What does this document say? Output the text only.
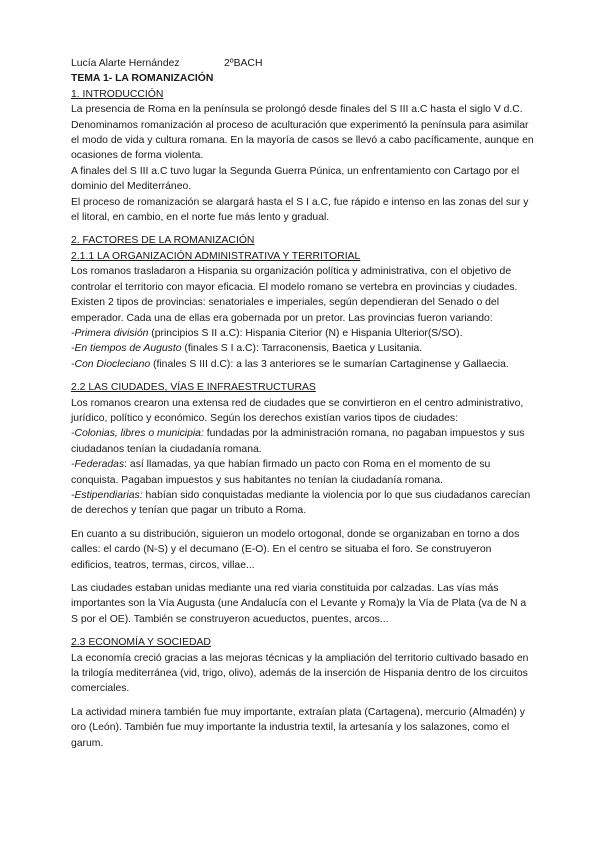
Lucía Alarte Hernández	2ºBACH

TEMA 1- LA ROMANIZACIÓN

1. INTRODUCCIÓN

La presencia de Roma en la península se prolongó desde finales del S III a.C hasta el siglo V d.C. Denominamos romanización al proceso de aculturación que experimentó la península para asimilar el modo de vida y cultura romana. En la mayoría de casos se llevó a cabo pacíficamente, aunque en ocasiones de forma violenta.

A finales del S III a.C tuvo lugar la Segunda Guerra Púnica, un enfrentamiento con Cartago por el dominio del Mediterráneo.

El proceso de romanización se alargará hasta el S I a.C, fue rápido e intenso en las zonas del sur y el litoral, en cambio, en el norte fue más lento y gradual.

2. FACTORES DE LA ROMANIZACIÓN

2.1.1 LA ORGANIZACIÓN ADMINISTRATIVA Y TERRITORIAL

Los romanos trasladaron a Hispania su organización política y administrativa, con el objetivo de controlar el territorio con mayor eficacia. El modelo romano se vertebra en provincias y ciudades. Existen 2 tipos de provincias: senatoriales e imperiales, según dependieran del Senado o del emperador. Cada una de ellas era gobernada por un pretor. Las provincias fueron variando:

-Primera división (principios S II a.C): Hispania Citerior (N) e Hispania Ulterior(S/SO).

-En tiempos de Augusto (finales S I a.C): Tarraconensis, Baetica y Lusitania.

-Con Diocleciano (finales S III d.C): a las 3 anteriores se le sumarían Cartaginense y Gallaecia.

2.2 LAS CIUDADES, VÍAS E INFRAESTRUCTURAS

Los romanos crearon una extensa red de ciudades que se convirtieron en el centro administrativo, jurídico, político y económico. Según los derechos existían varios tipos de ciudades:

-Colonias, libres o municipia: fundadas por la administración romana, no pagaban impuestos y sus ciudadanos tenían la ciudadanía romana.

-Federadas: así llamadas, ya que habían firmado un pacto con Roma en el momento de su conquista. Pagaban impuestos y sus habitantes no tenían la ciudadanía romana.

-Estipendiarias: habían sido conquistadas mediante la violencia por lo que sus ciudadanos carecían de derechos y tenían que pagar un tributo a Roma.

En cuanto a su distribución, siguieron un modelo ortogonal, donde se organizaban en torno a dos calles: el cardo (N-S) y el decumano (E-O). En el centro se situaba el foro. Se construyeron edificios, teatros, termas, circos, villae...

Las ciudades estaban unidas mediante una red viaria constituida por calzadas. Las vías más importantes son la Vía Augusta (une Andalucía con el Levante y Roma)y la Vía de Plata (va de N a S por el OE). También se construyeron acueductos, puentes, arcos...

2.3 ECONOMÍA Y SOCIEDAD

La economía creció gracias a las mejoras técnicas y la ampliación del territorio cultivado basado en la trilogía mediterránea (vid, trigo, olivo), además de la inserción de Hispania dentro de los circuitos comerciales.

La actividad minera también fue muy importante, extraían plata (Cartagena), mercurio (Almadén) y oro (León). También fue muy importante la industria textil, la artesanía y los salazones, como el garum.
